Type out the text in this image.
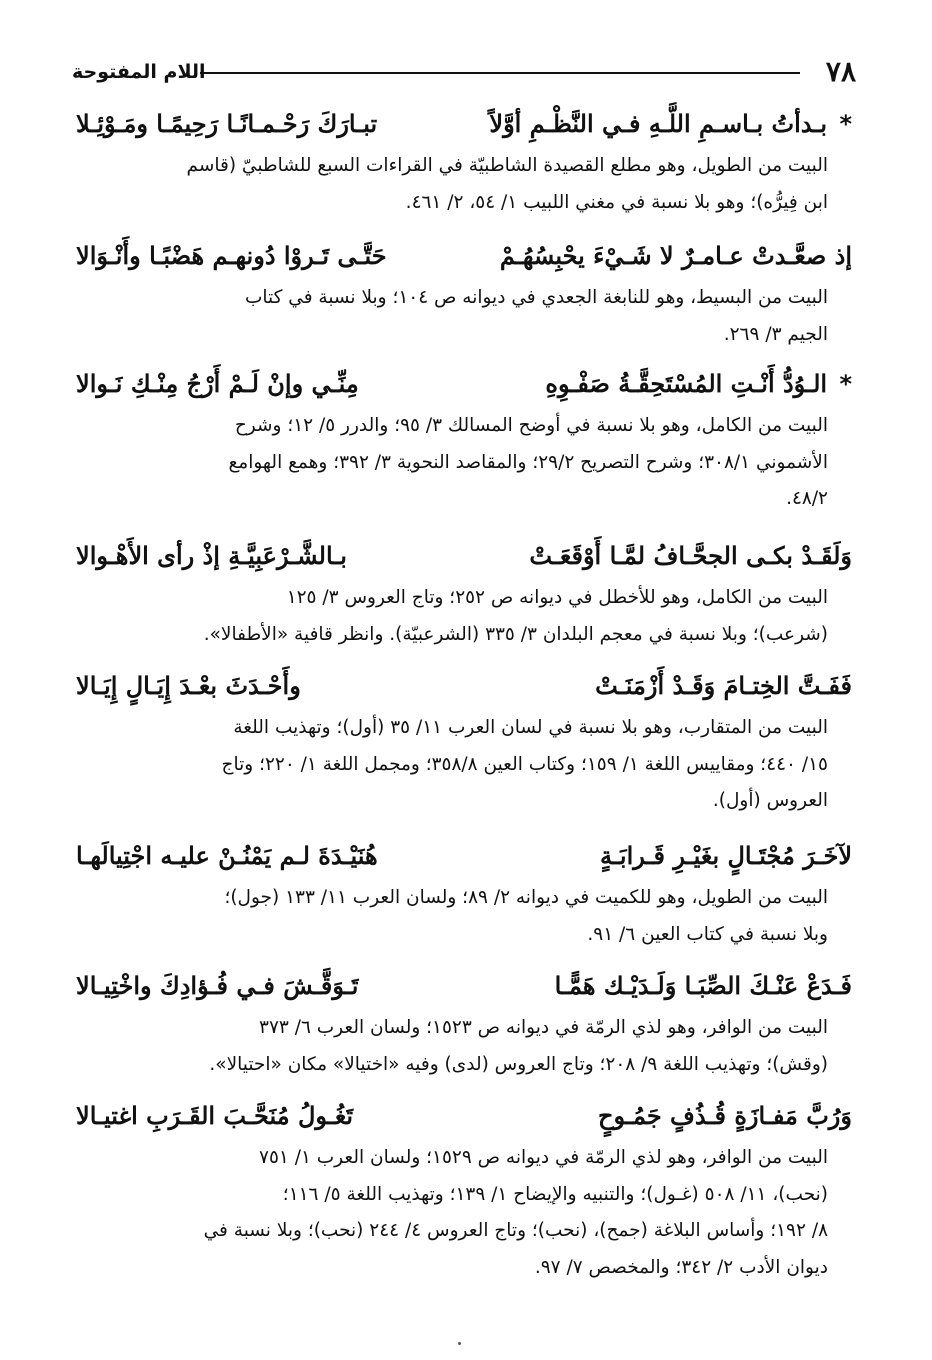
٧٨
اللام المفتوحة
* بـدأتُ بـاسـمِ اللَّـهِ فـي النَّظْـمِ أوَّلاً
تبـارَكَ رَحْـمـانًـا رَحِيمًـا ومَـوْئِـلا
البيت من الطويل، وهو مطلع القصيدة الشاطبيّة في القراءات السبع للشاطبيّ (قاسم
ابن فِيرُّه)؛ وهو بلا نسبة في مغني اللبيب ١/ ٥٤، ٢/ ٤٦١.
إذ صعَّـدتْ عـامـرٌ لا شَـيْءَ يحْبِسُهُـمْ
حَتَّـى تَـروْا دُونهـم هَضْبًـا وأَنْـوَالا
البيت من البسيط، وهو للنابغة الجعدي في ديوانه ص ١٠٤؛ وبلا نسبة في كتاب
الجيم ٣/ ٢٦٩.
* الـوُدُّ أَنْـتِ المُسْتَحِقَّـةُ صَفْـوِهِ
مِنِّـي وإنْ لَـمْ أَرْجُ مِنْـكِ نَـوالا
البيت من الكامل، وهو بلا نسبة في أوضح المسالك ٣/ ٩٥؛ والدرر ٥/ ١٢؛ وشرح
الأشموني ٣٠٨/١؛ وشرح التصريح ٢٩/٢؛ والمقاصد النحوية ٣/ ٣٩٢؛ وهمع الهوامع
٤٨/٢.
وَلَقَـدْ بكـى الجحَّـافُ لمَّـا أَوْقَعَـتْ
بـالشَّـرْعَبِيَّـةِ إذْ رأى الأَهْـوالا
البيت من الكامل، وهو للأخطل في ديوانه ص ٢٥٢؛ وتاج العروس ٣/ ١٢٥
(شرعب)؛ وبلا نسبة في معجم البلدان ٣/ ٣٣٥ (الشرعبيّة). وانظر قافية «الأطفالا».
فَفَـتَّ الخِتـامَ وَقَـدْ أَزْمَنَـتْ
وأَحْـدَثَ بعْـدَ إِيَـالٍ إِيَـالا
البيت من المتقارب، وهو بلا نسبة في لسان العرب ١١/ ٣٥ (أول)؛ وتهذيب اللغة
١٥/ ٤٤٠؛ ومقاييس اللغة ١/ ١٥٩؛ وكتاب العين ٣٥٨/٨؛ ومجمل اللغة ١/ ٢٢٠؛ وتاج
العروس (أول).
لآخَـرَ مُجْتَـالٍ بغَيْـرِ قَـرابَـةٍ
هُنَيْـدَةَ لـم يَمْنُـنْ عليـه اجْتِيالَهـا
البيت من الطويل، وهو للكميت في ديوانه ٢/ ٨٩؛ ولسان العرب ١١/ ١٣٣ (جول)؛
وبلا نسبة في كتاب العين ٦/ ٩١.
فَـدَعْ عَنْـكَ الصِّبَـا وَلَـدَيْـك هَمًّـا
تَـوَقَّـشَ فـي فُـؤادِكَ واخْتِيـالا
البيت من الوافر، وهو لذي الرمّة في ديوانه ص ١٥٢٣؛ ولسان العرب ٦/ ٣٧٣
(وقش)؛ وتهذيب اللغة ٩/ ٢٠٨؛ وتاج العروس (لدى) وفيه «اختيالا» مكان «احتيالا».
وَرُبَّ مَفـازَةٍ قُـذُفٍ جَمُـوحٍ
تَغُـولُ مُنَحَّـبَ القَـرَبِ اغتيـالا
البيت من الوافر، وهو لذي الرمّة في ديوانه ص ١٥٢٩؛ ولسان العرب ١/ ٧٥١
(نحب)، ١١/ ٥٠٨ (غـول)؛ والتنبيه والإيضاح ١/ ١٣٩؛ وتهذيب اللغة ٥/ ١١٦؛
٨/ ١٩٢؛ وأساس البلاغة (جمح)، (نحب)؛ وتاج العروس ٤/ ٢٤٤ (نحب)؛ وبلا نسبة في
ديوان الأدب ٢/ ٣٤٢؛ والمخصص ٧/ ٩٧.
